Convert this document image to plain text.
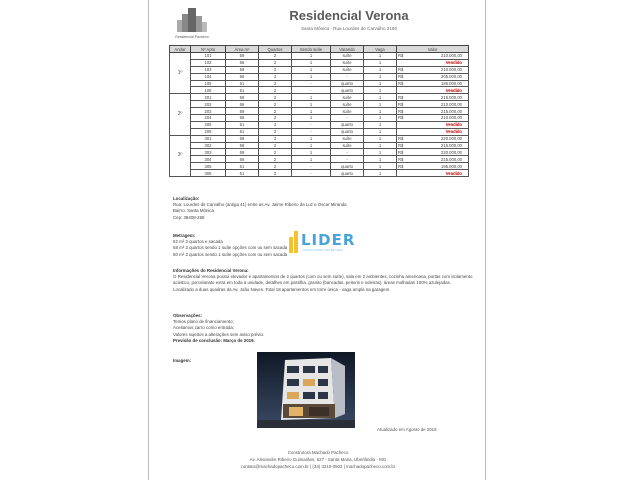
Residencial Pacheco
Residencial Verona
Santa Mônica - Rua Lourdes de Carvalho 2160
Andar	Nº Apto	Área m²	Quartos	Sendo suíte	Varanda	Vaga	Valor	
1º	101	59	2	1	suíte	1	R$	210.000,00
	102	56	2	1	suíte	1		Vendido
	103	59	2	1	suíte	1	R$	210.000,00
	104	56	2	1	-	1	R$	205.000,00
	105	51	2	-	quarto	1	R$	185.000,00
	106	51	2	-	quarto	1		Vendido
2º	201	59	2	1	suíte	1	R$	215.000,00
	202	56	2	1	suíte	1	R$	210.000,00
	203	59	2	1	suíte	1	R$	215.000,00
	204	56	2	1	-	1	R$	210.000,00
	205	51	2	-	quarto	1		Vendido
	206	51	2	-	quarto	1		Vendido
3º	301	59	2	1	suíte	1	R$	220.000,00
	302	56	2	1	suíte	1	R$	215.000,00
	303	59	2	1	-	1	R$	220.000,00
	304	56	2	1	-	1	R$	215.000,00
	305	51	2	-	quarto	1	R$	195.000,00
	306	51	2	-	quarto	1		Vendido
Localização:
Rua: Lourdes de Carvalho (antiga 41) entre as Av. Jaime Ribeiro da Luz e Oscar Miranda
Bairro: Santa Mônica
Cep: 38408-268
Metragem:
52 m² 2 quartos e sacada
58 m² 2 quartos sendo 1 suíte opções com ou sem sacada
60 m² 2 quartos sendo 1 suíte opções com ou sem sacada
LIDER
CONSULTORIA IMOBILIÁRIA
Informações do Residencial Verona:
O Residencial Verona possui elevador e apartamentos de 2 quartos (com ou sem suíte), sala em 2 ambientes, cozinha americana, portas com isolamento acústico, porcelanato extra em toda a unidade, detalhes em pastilha, granito (bancadas, peitoris e soleiras), áreas molhadas 100% azulejadas. Localizado a duas quadras da Av. João Naves. Total 18 apartamentos em torre única - vaga ampla na garagem.
Observações:
Temos plano de financiamento;
Aceitamos carro como entrada;
Valores sujeitos a alterações sem aviso prévio.
Previsão de conclusão: Março de 2019.
Imagem:
Atualizado em Agosto de 2018
Construtora Machado Pacheco
Av. Alexandre Ribeiro Guimarães, 627 - Santa Maria, Uberlândia - MG
contato@machadopacheco.com.br | (34) 3210-0502 | machadopacheco.com.br
